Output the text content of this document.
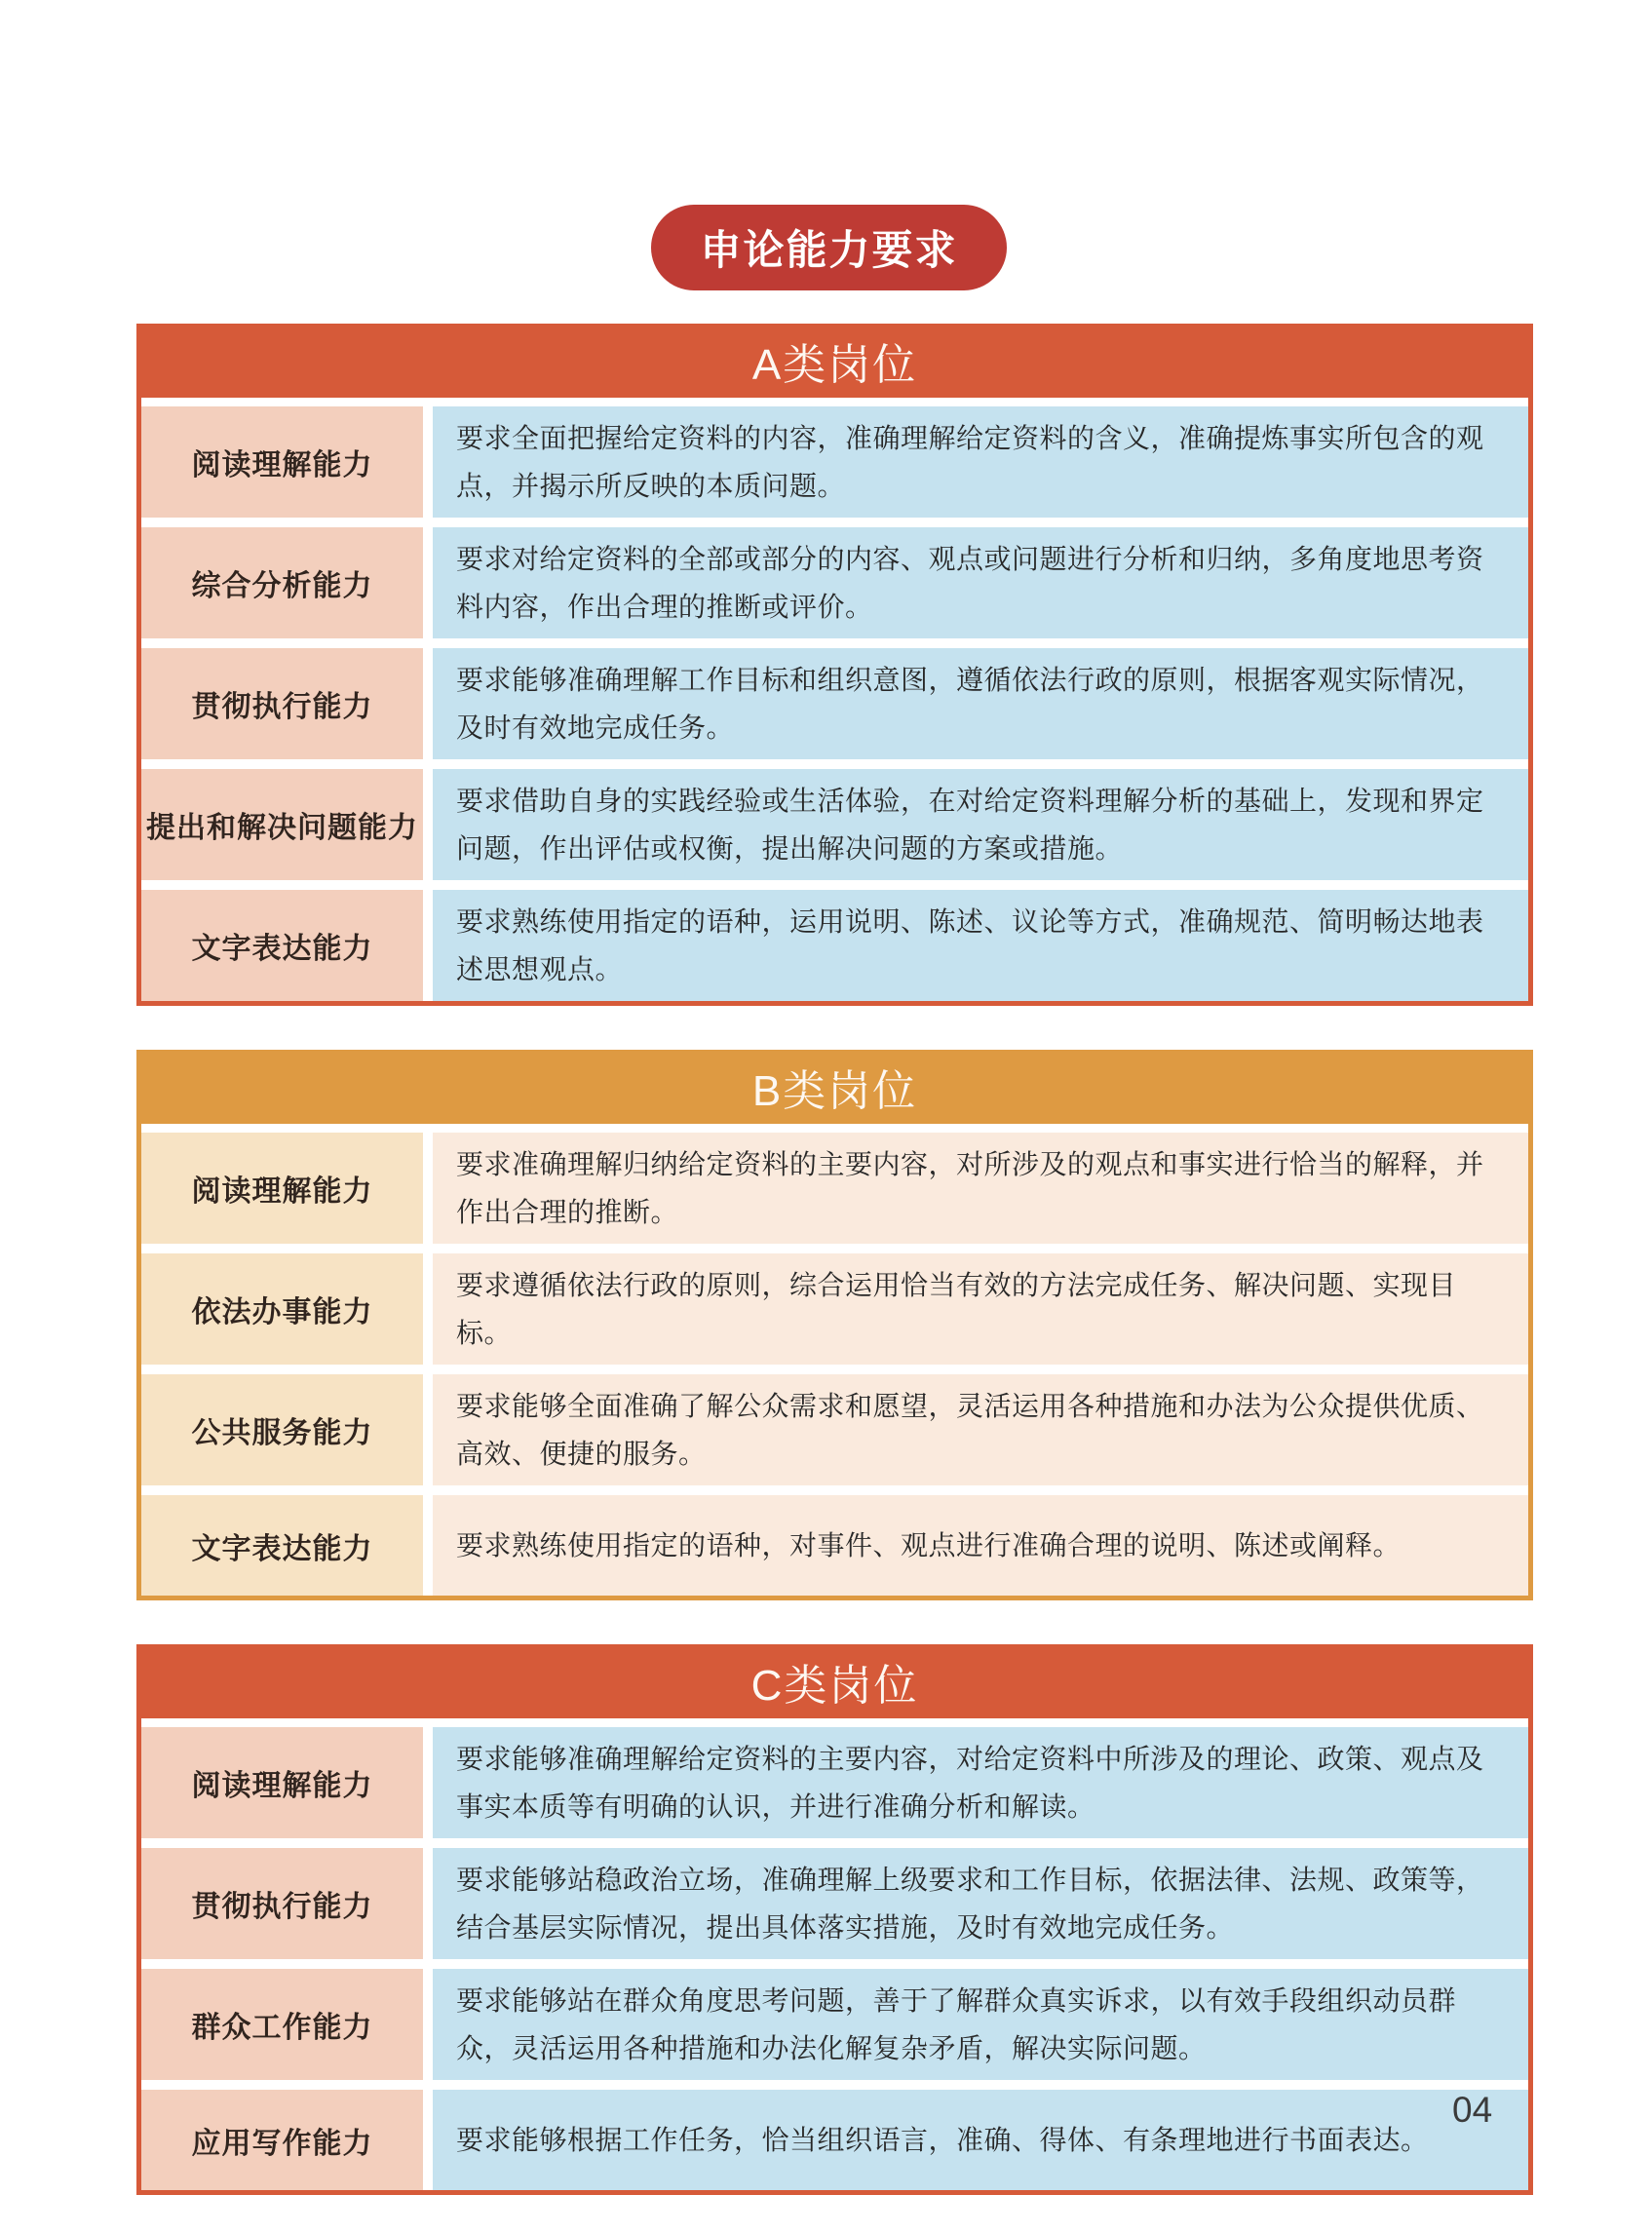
申论能力要求
A类岗位
阅读理解能力
要求全面把握给定资料的内容，准确理解给定资料的含义，准确提炼事实所包含的观点，并揭示所反映的本质问题。
综合分析能力
要求对给定资料的全部或部分的内容、观点或问题进行分析和归纳，多角度地思考资料内容，作出合理的推断或评价。
贯彻执行能力
要求能够准确理解工作目标和组织意图，遵循依法行政的原则，根据客观实际情况，及时有效地完成任务。
提出和解决问题能力
要求借助自身的实践经验或生活体验，在对给定资料理解分析的基础上，发现和界定问题，作出评估或权衡，提出解决问题的方案或措施。
文字表达能力
要求熟练使用指定的语种，运用说明、陈述、议论等方式，准确规范、简明畅达地表述思想观点。
B类岗位
阅读理解能力
要求准确理解归纳给定资料的主要内容，对所涉及的观点和事实进行恰当的解释，并作出合理的推断。
依法办事能力
要求遵循依法行政的原则，综合运用恰当有效的方法完成任务、解决问题、实现目标。
公共服务能力
要求能够全面准确了解公众需求和愿望，灵活运用各种措施和办法为公众提供优质、高效、便捷的服务。
文字表达能力	要求熟练使用指定的语种，对事件、观点进行准确合理的说明、陈述或阐释。
C类岗位
阅读理解能力
要求能够准确理解给定资料的主要内容，对给定资料中所涉及的理论、政策、观点及事实本质等有明确的认识，并进行准确分析和解读。
贯彻执行能力
要求能够站稳政治立场，准确理解上级要求和工作目标，依据法律、法规、政策等，结合基层实际情况，提出具体落实措施，及时有效地完成任务。
群众工作能力
要求能够站在群众角度思考问题，善于了解群众真实诉求，以有效手段组织动员群众，灵活运用各种措施和办法化解复杂矛盾，解决实际问题。
应用写作能力	要求能够根据工作任务，恰当组织语言，准确、得体、有条理地进行书面表达。
04
